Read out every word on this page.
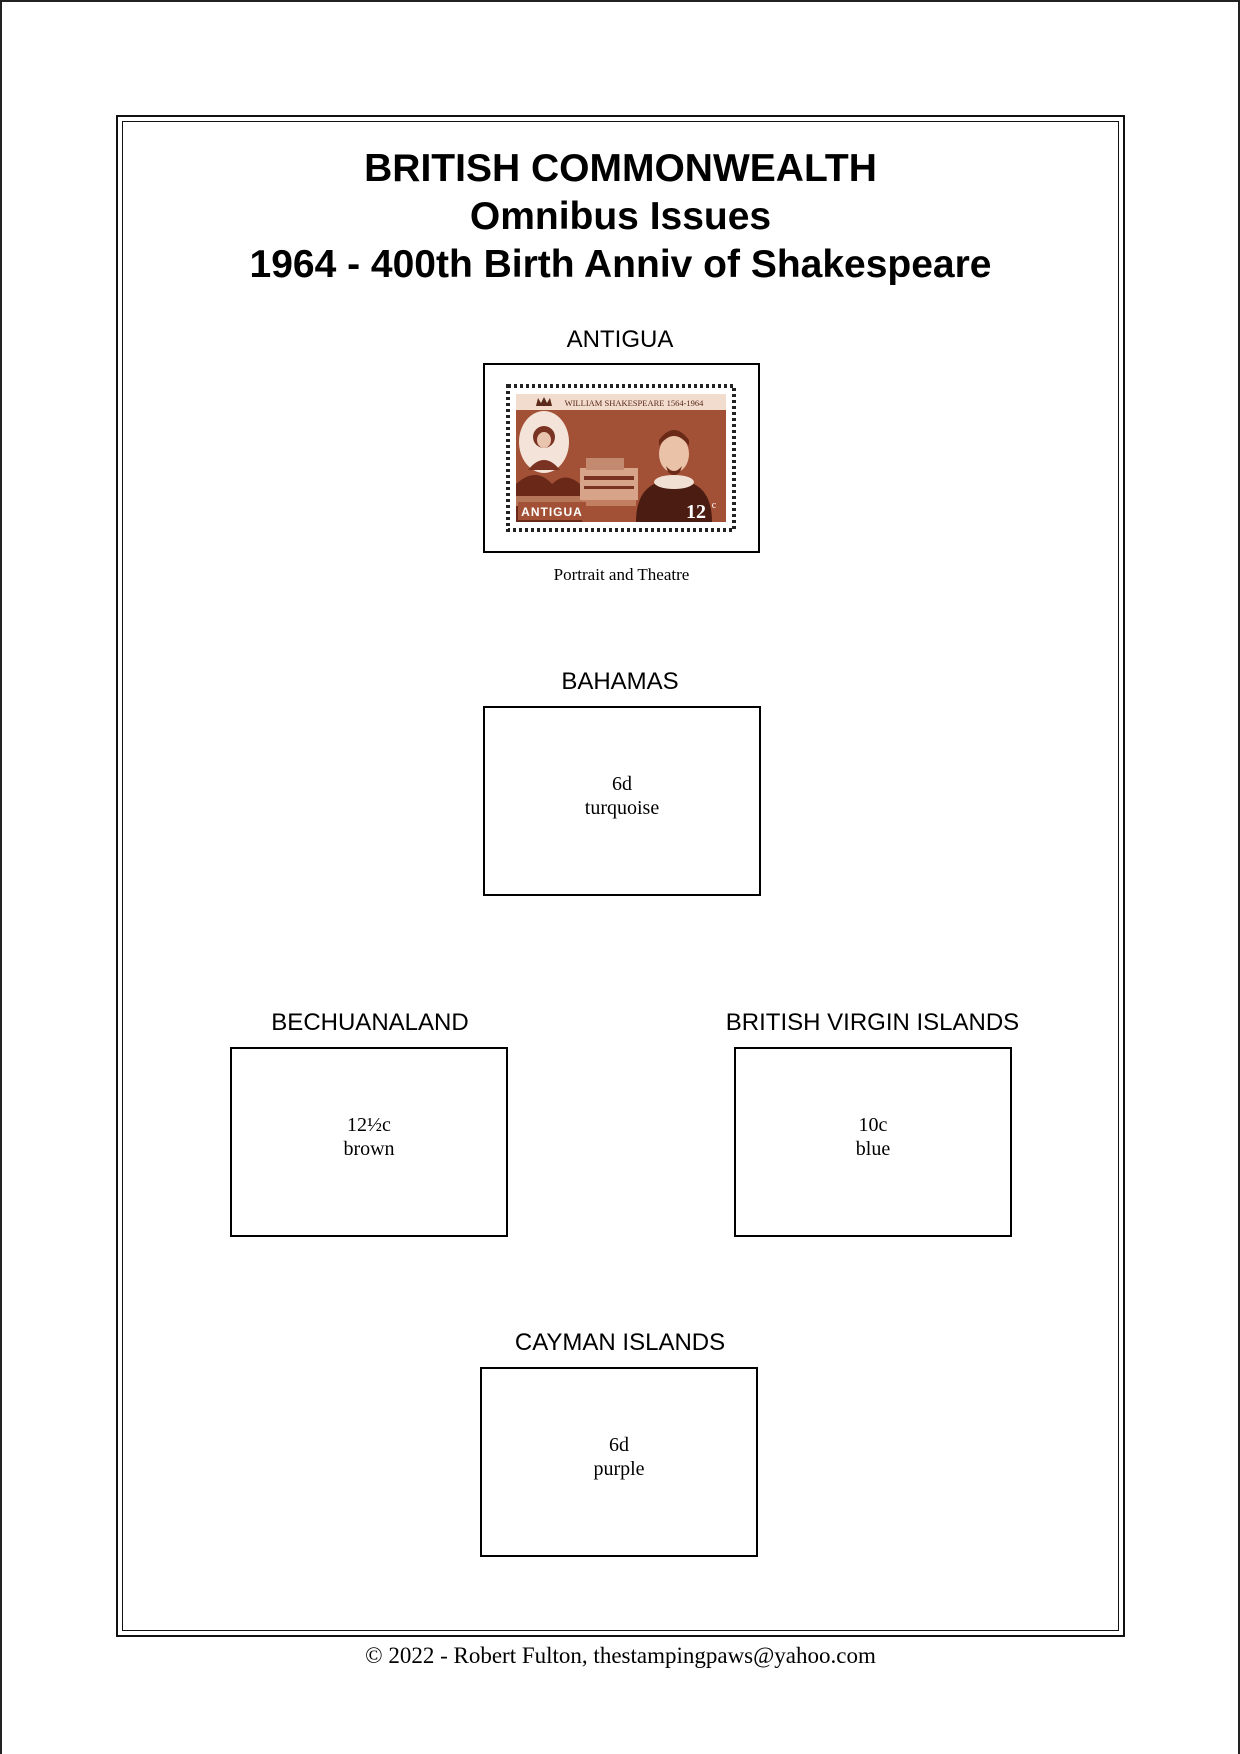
BRITISH COMMONWEALTH
Omnibus Issues
1964 - 400th Birth Anniv of Shakespeare
ANTIGUA
WILLIAM SHAKESPEARE 1564-1964
ANTIGUA	12 c
Portrait and Theatre
BAHAMAS
6d
turquoise
BECHUANALAND
12½c
brown
BRITISH VIRGIN ISLANDS
10c
blue
CAYMAN ISLANDS
6d
purple
© 2022 - Robert Fulton, thestampingpaws@yahoo.com
